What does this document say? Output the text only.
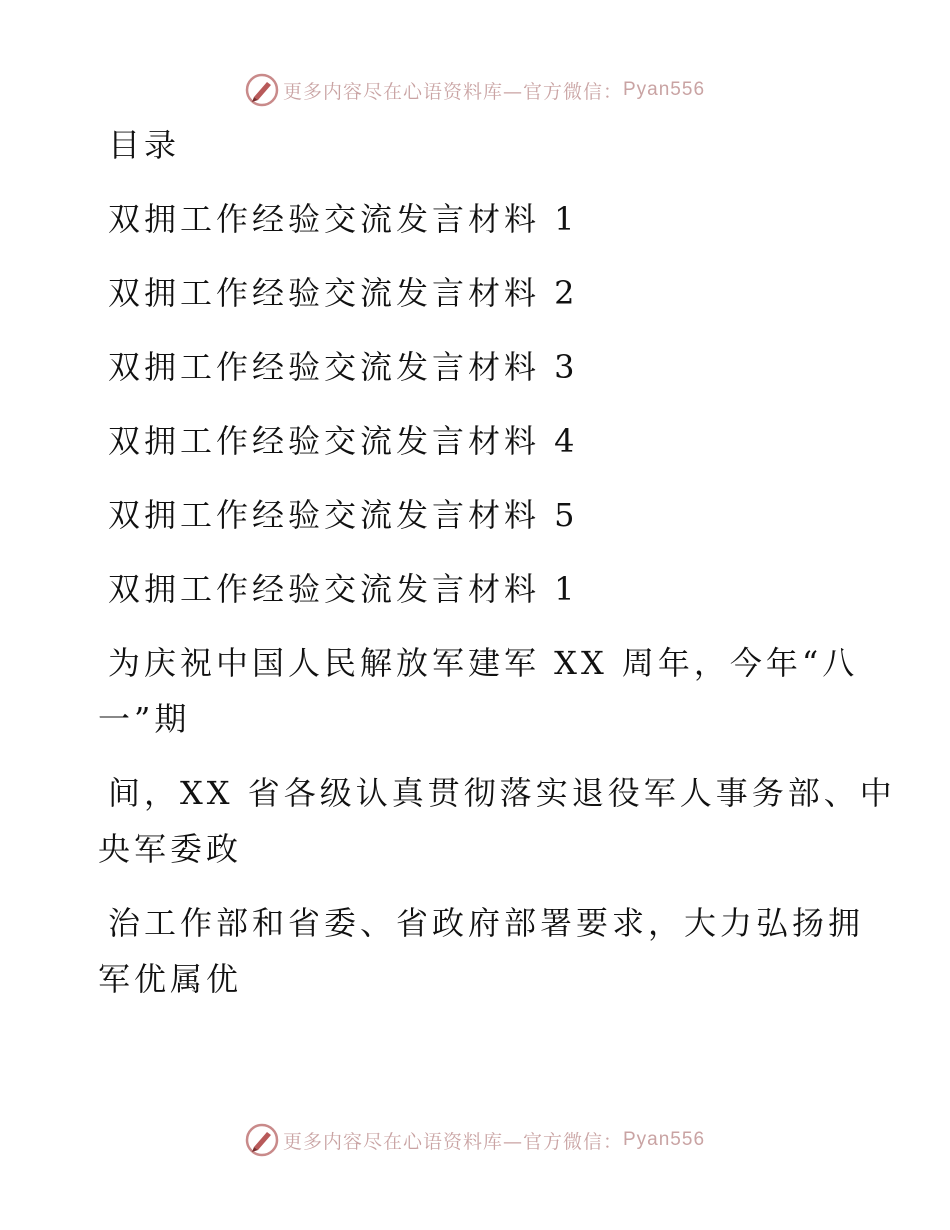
更多内容尽在心语资料库—官方微信： Pyan556

目录

双拥工作经验交流发言材料 1

双拥工作经验交流发言材料 2

双拥工作经验交流发言材料 3

双拥工作经验交流发言材料 4

双拥工作经验交流发言材料 5

双拥工作经验交流发言材料 1

为庆祝中国人民解放军建军 XX 周年，今年“八

一”期

间，XX 省各级认真贯彻落实退役军人事务部、中

央军委政

治工作部和省委、省政府部署要求，大力弘扬拥

军优属优

更多内容尽在心语资料库—官方微信： Pyan556
